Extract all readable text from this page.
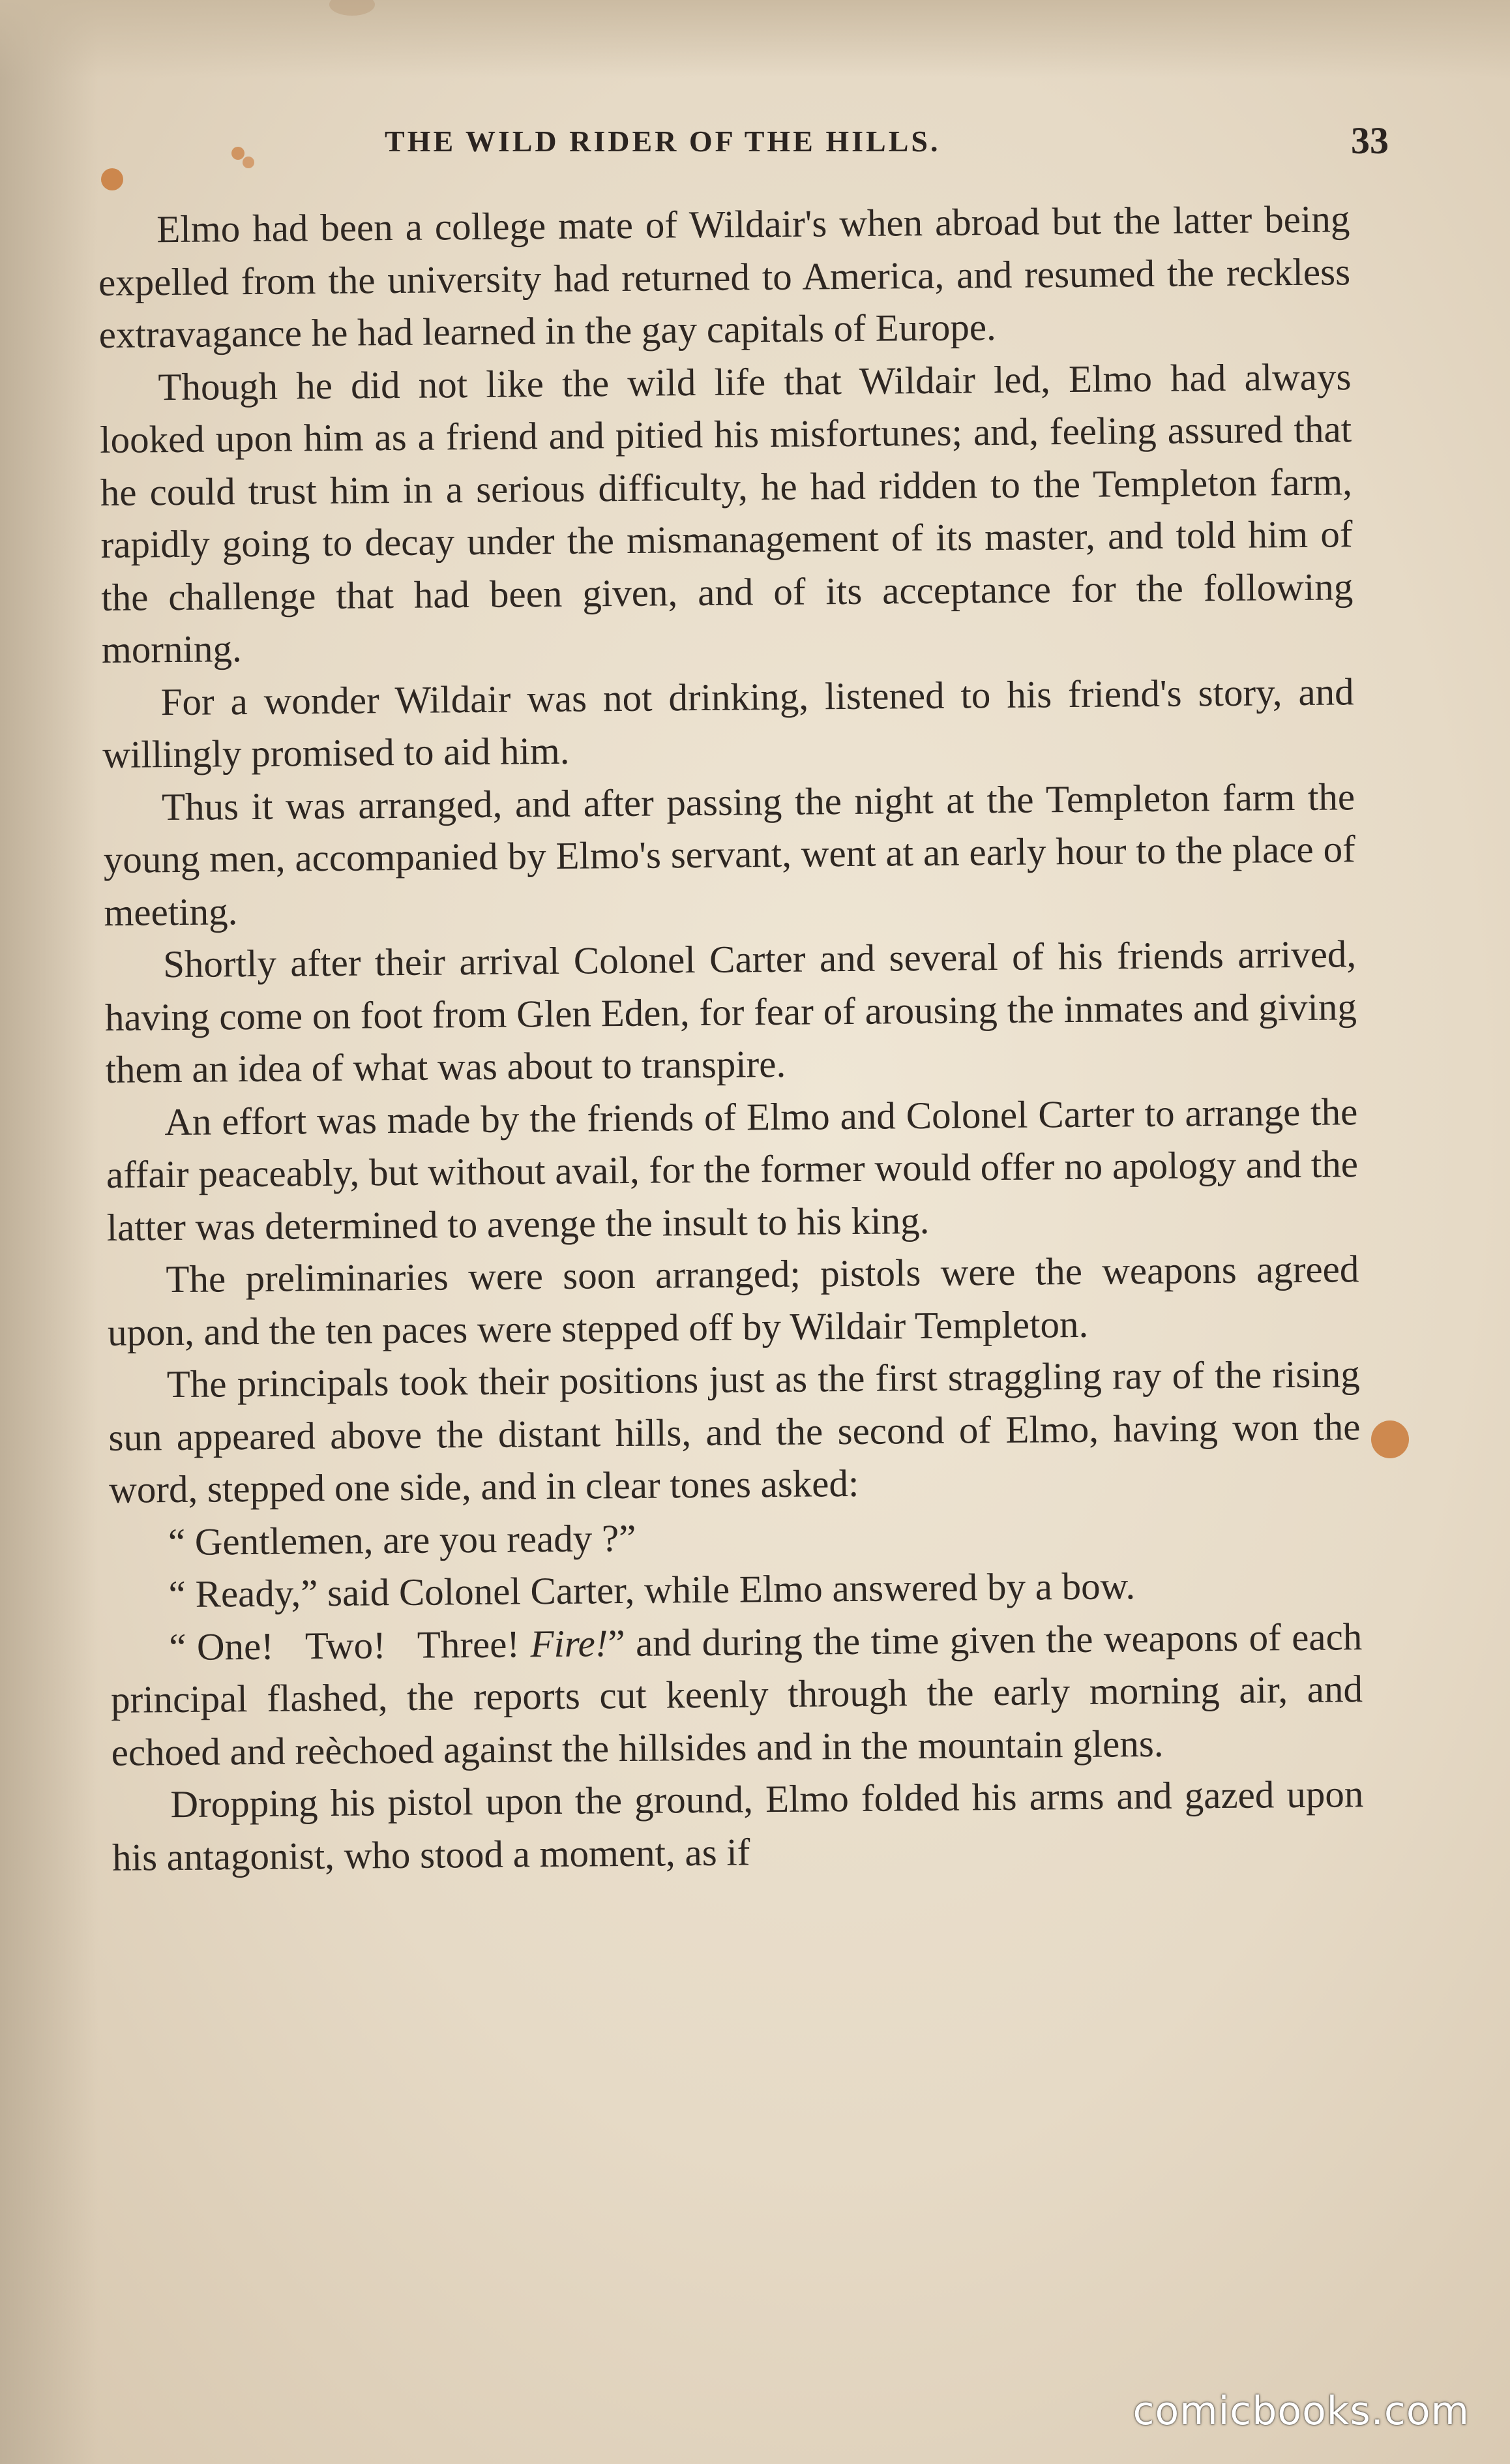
THE WILD RIDER OF THE HILLS.	33

Elmo had been a college mate of Wildair's when abroad but the latter being expelled from the university had returned to America, and resumed the reckless extravagance he had learned in the gay capitals of Europe.

Though he did not like the wild life that Wildair led, Elmo had always looked upon him as a friend and pitied his misfortunes; and, feeling assured that he could trust him in a serious difficulty, he had ridden to the Templeton farm, rapidly going to decay under the mismanagement of its master, and told him of the challenge that had been given, and of its acceptance for the following morning.

For a wonder Wildair was not drinking, listened to his friend's story, and willingly promised to aid him.

Thus it was arranged, and after passing the night at the Templeton farm the young men, accompanied by Elmo's servant, went at an early hour to the place of meeting.

Shortly after their arrival Colonel Carter and several of his friends arrived, having come on foot from Glen Eden, for fear of arousing the inmates and giving them an idea of what was about to transpire.

An effort was made by the friends of Elmo and Colonel Carter to arrange the affair peaceably, but without avail, for the former would offer no apology and the latter was determined to avenge the insult to his king.

The preliminaries were soon arranged; pistols were the weapons agreed upon, and the ten paces were stepped off by Wildair Templeton.

The principals took their positions just as the first straggling ray of the rising sun appeared above the distant hills, and the second of Elmo, having won the word, stepped one side, and in clear tones asked:

“ Gentlemen, are you ready ?”

“ Ready,” said Colonel Carter, while Elmo answered by a bow.

“ One!   Two!   Three! Fire!” and during the time given the weapons of each principal flashed, the reports cut keenly through the early morning air, and echoed and reèchoed against the hillsides and in the mountain glens.

Dropping his pistol upon the ground, Elmo folded his arms and gazed upon his antagonist, who stood a moment, as if

comicbooks.com
